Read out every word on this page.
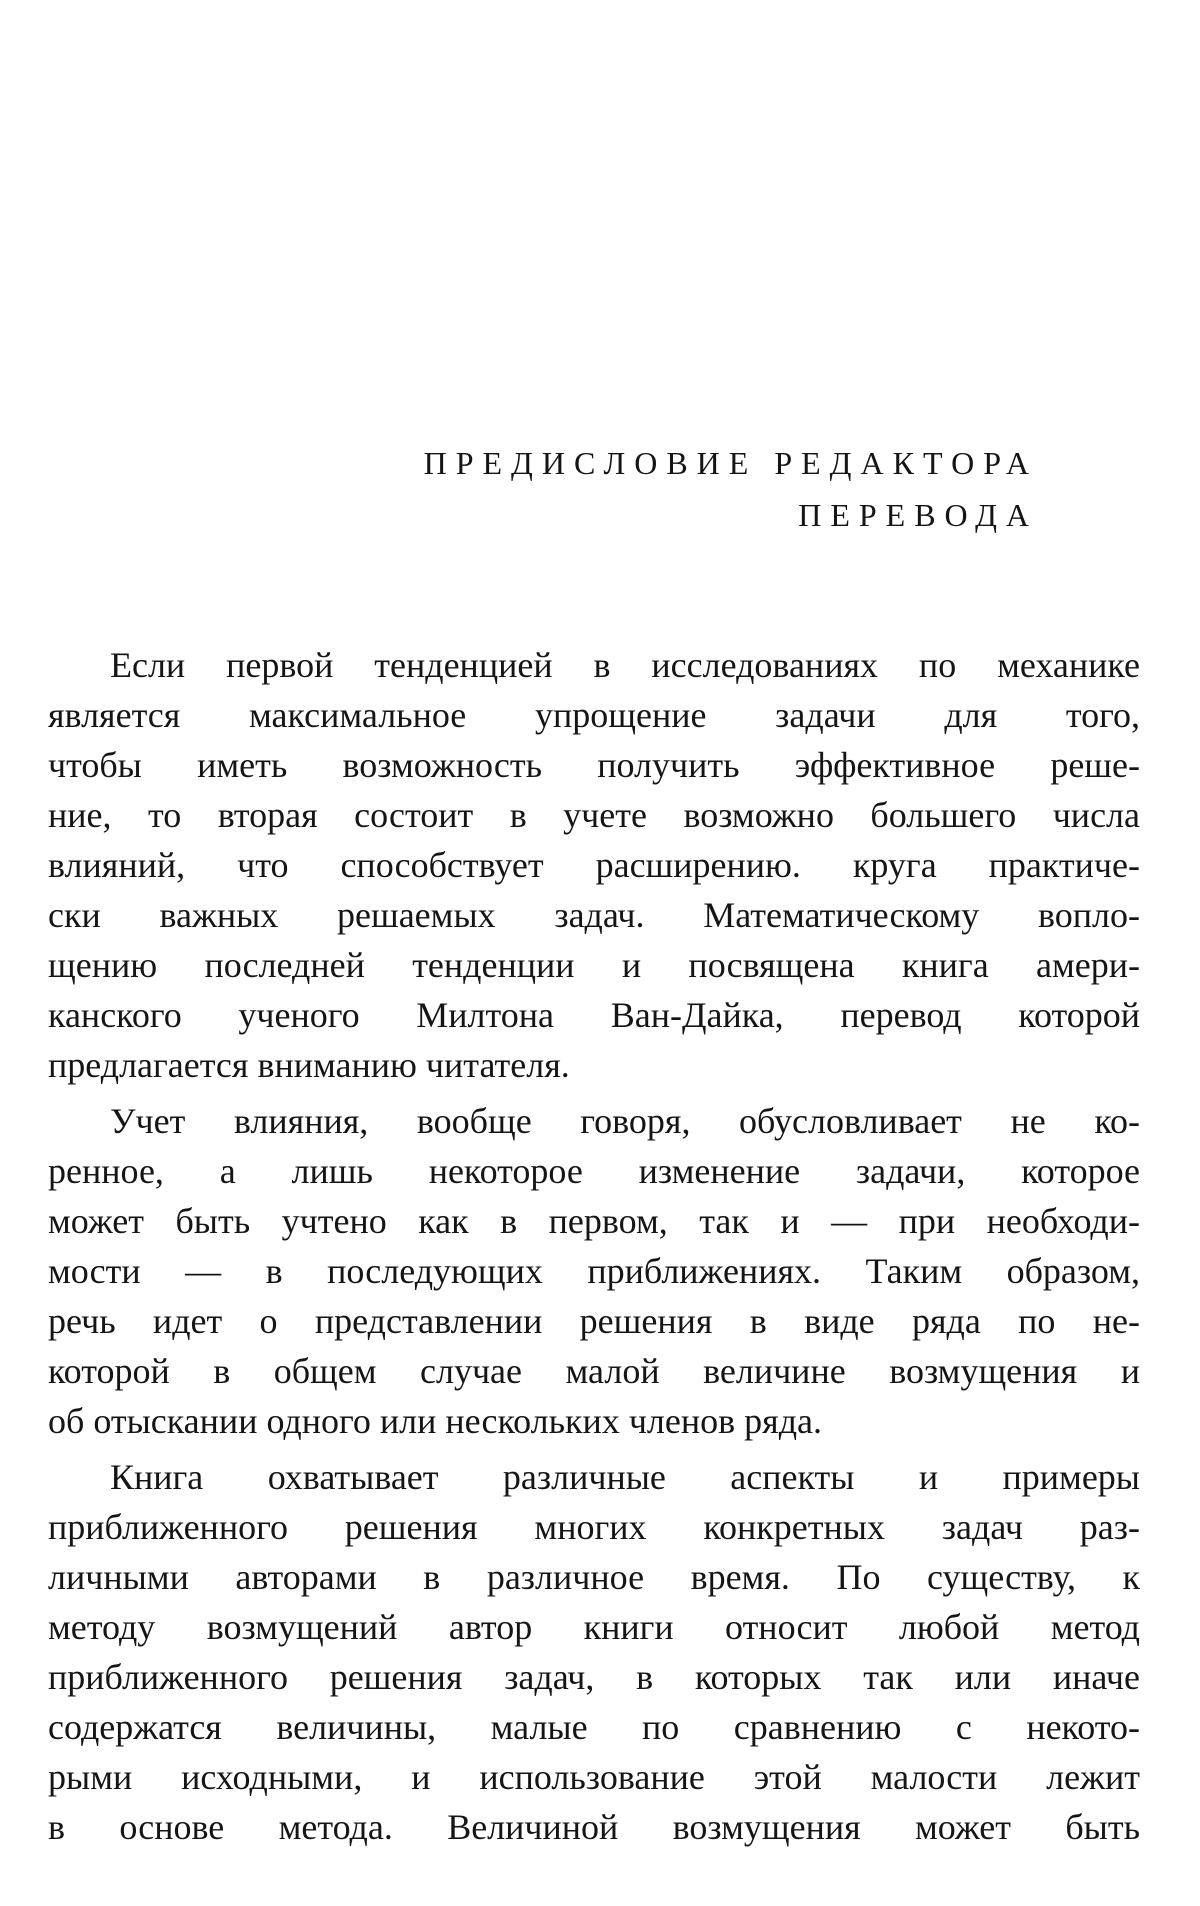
ПРЕДИСЛОВИЕ РЕДАКТОРА
ПЕРЕВОДА
Если первой тенденцией в исследованиях по механике
является максимальное упрощение задачи для того,
чтобы иметь возможность получить эффективное реше-
ние, то вторая состоит в учете возможно большего числа
влияний, что способствует расширению. круга практиче-
ски важных решаемых задач. Математическому вопло-
щению последней тенденции и посвящена книга амери-
канского ученого Милтона Ван-Дайка, перевод которой
предлагается вниманию читателя.
Учет влияния, вообще говоря, обусловливает не ко-
ренное, а лишь некоторое изменение задачи, которое
может быть учтено как в первом, так и — при необходи-
мости — в последующих приближениях. Таким образом,
речь идет о представлении решения в виде ряда по не-
которой в общем случае малой величине возмущения и
об отыскании одного или нескольких членов ряда.
Книга охватывает различные аспекты и примеры
приближенного решения многих конкретных задач раз-
личными авторами в различное время. По существу, к
методу возмущений автор книги относит любой метод
приближенного решения задач, в которых так или иначе
содержатся величины, малые по сравнению с некото-
рыми исходными, и использование этой малости лежит
в основе метода. Величиной возмущения может быть
